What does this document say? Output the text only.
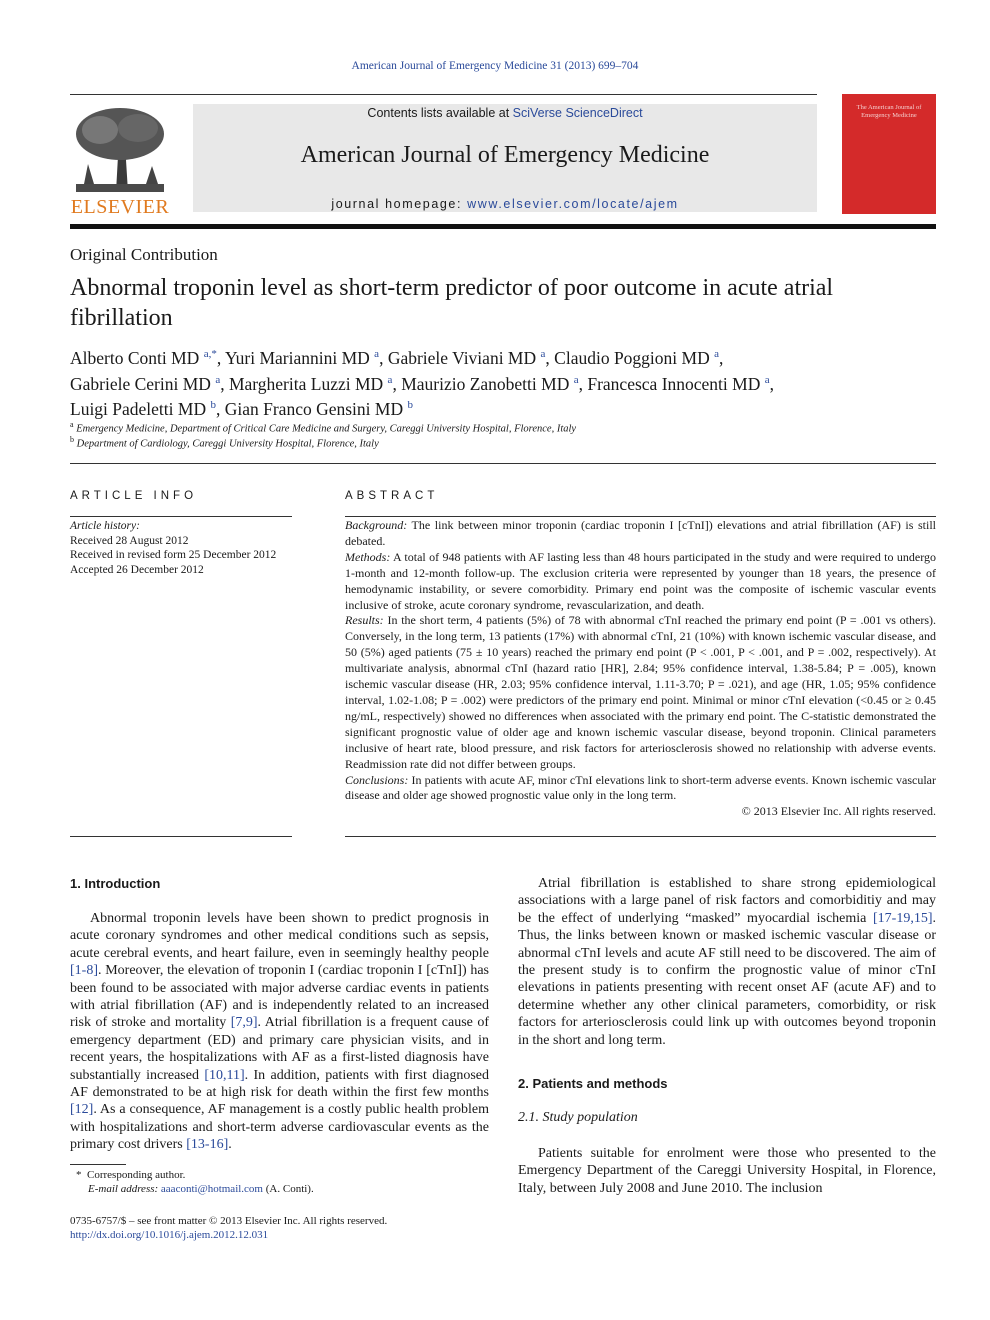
American Journal of Emergency Medicine 31 (2013) 699–704
ELSEVIER
Contents lists available at SciVerse ScienceDirect
American Journal of Emergency Medicine
journal homepage: www.elsevier.com/locate/ajem
The American Journal of Emergency Medicine
Original Contribution
Abnormal troponin level as short-term predictor of poor outcome in acute atrial fibrillation
Alberto Conti MD $^{a,*}$, Yuri Mariannini MD $^a$, Gabriele Viviani MD $^a$, Claudio Poggioni MD $^a$,
Gabriele Cerini MD $^a$, Margherita Luzzi MD $^a$, Maurizio Zanobetti MD $^a$, Francesca Innocenti MD $^a$,
Luigi Padeletti MD $^b$, Gian Franco Gensini MD $^b$
$^a$ Emergency Medicine, Department of Critical Care Medicine and Surgery, Careggi University Hospital, Florence, Italy
$^b$ Department of Cardiology, Careggi University Hospital, Florence, Italy
ARTICLE INFO
Article history:
Received 28 August 2012
Received in revised form 25 December 2012
Accepted 26 December 2012
ABSTRACT

Background: The link between minor troponin (cardiac troponin I [cTnI]) elevations and atrial fibrillation (AF) is still debated.

Methods: A total of 948 patients with AF lasting less than 48 hours participated in the study and were required to undergo 1-month and 12-month follow-up. The exclusion criteria were represented by younger than 18 years, the presence of hemodynamic instability, or severe comorbidity. Primary end point was the composite of ischemic vascular events inclusive of stroke, acute coronary syndrome, revascularization, and death.

Results: In the short term, 4 patients (5%) of 78 with abnormal cTnI reached the primary end point (P = .001 vs others). Conversely, in the long term, 13 patients (17%) with abnormal cTnI, 21 (10%) with known ischemic vascular disease, and 50 (5%) aged patients (75 ± 10 years) reached the primary end point (P < .001, P < .001, and P = .002, respectively). At multivariate analysis, abnormal cTnI (hazard ratio [HR], 2.84; 95% confidence interval, 1.38-5.84; P = .005), known ischemic vascular disease (HR, 2.03; 95% confidence interval, 1.11-3.70; P = .021), and age (HR, 1.05; 95% confidence interval, 1.02-1.08; P = .002) were predictors of the primary end point. Minimal or minor cTnI elevation (<0.45 or ≥ 0.45 ng/mL, respectively) showed no differences when associated with the primary end point. The C-statistic demonstrated the significant prognostic value of older age and known ischemic vascular disease, beyond troponin. Clinical parameters inclusive of heart rate, blood pressure, and risk factors for arteriosclerosis showed no relationship with adverse events. Readmission rate did not differ between groups.

Conclusions: In patients with acute AF, minor cTnI elevations link to short-term adverse events. Known ischemic vascular disease and older age showed prognostic value only in the long term.

© 2013 Elsevier Inc. All rights reserved.

1. Introduction

Abnormal troponin levels have been shown to predict prognosis in acute coronary syndromes and other medical conditions such as sepsis, acute cerebral events, and heart failure, even in seemingly healthy people [1-8]. Moreover, the elevation of troponin I (cardiac troponin I [cTnI]) has been found to be associated with major adverse cardiac events in patients with atrial fibrillation (AF) and is independently related to an increased risk of stroke and mortality [7,9]. Atrial fibrillation is a frequent cause of emergency department (ED) and primary care physician visits, and in recent years, the hospitalizations with AF as a first-listed diagnosis have substantially increased [10,11]. In addition, patients with first diagnosed AF demonstrated to be at high risk for death within the first few months [12]. As a consequence, AF management is a costly public health problem with hospitalizations and short-term adverse cardiovascular events as the primary cost drivers [13-16].

Atrial fibrillation is established to share strong epidemiological associations with a large panel of risk factors and comorbiditiy and may be the effect of underlying “masked” myocardial ischemia [17-19,15]. Thus, the links between known or masked ischemic vascular disease or abnormal cTnI levels and acute AF still need to be discovered. The aim of the present study is to confirm the prognostic value of minor cTnI elevations in patients presenting with recent onset AF (acute AF) and to determine whether any other clinical parameters, comorbidity, or risk factors for arteriosclerosis could link up with outcomes beyond troponin in the short and long term.

2. Patients and methods
2.1. Study population

Patients suitable for enrolment were those who presented to the Emergency Department of the Careggi University Hospital, in Florence, Italy, between July 2008 and June 2010. The inclusion

* Corresponding author.
E-mail address: aaaconti@hotmail.com (A. Conti).
0735-6757/$ – see front matter © 2013 Elsevier Inc. All rights reserved.
http://dx.doi.org/10.1016/j.ajem.2012.12.031
